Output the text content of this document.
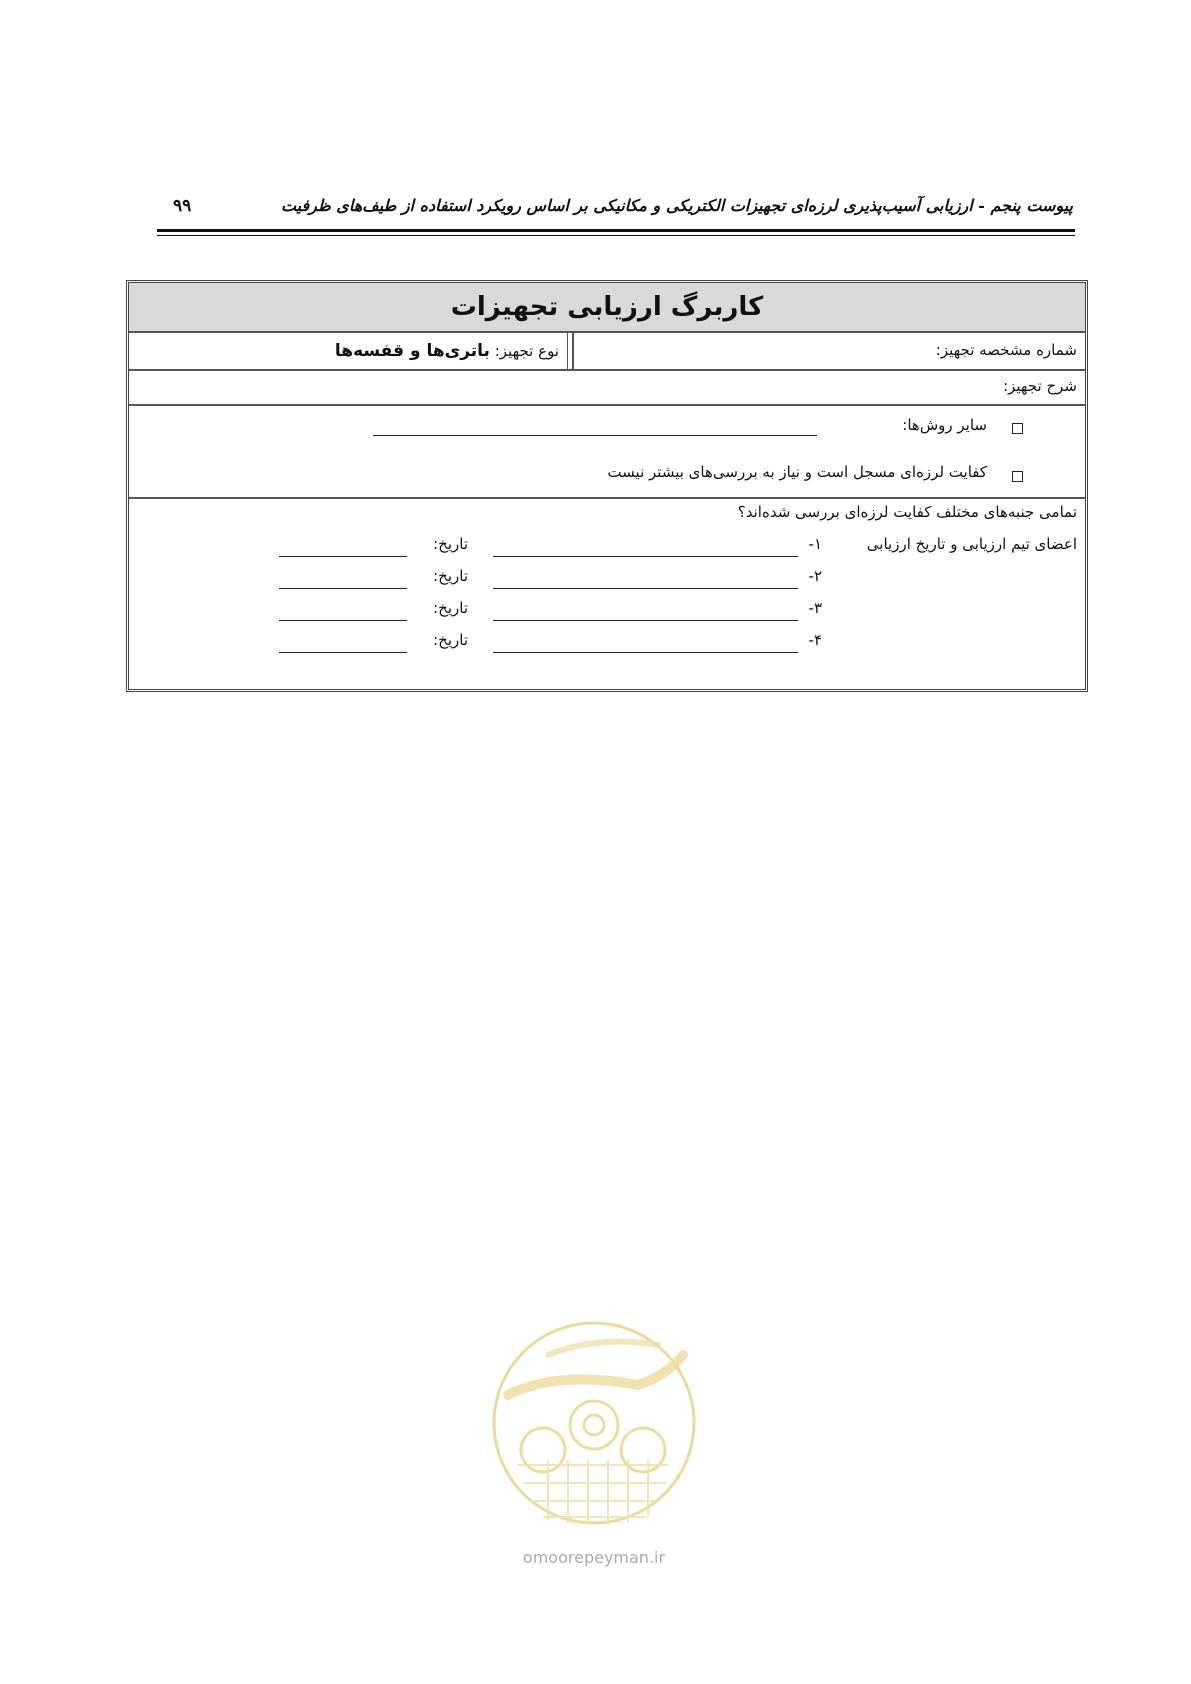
پیوست پنجم - ارزیابی آسیب‌پذیری لرزه‌ای تجهیزات الکتریکی و مکانیکی بر اساس رویکرد استفاده از طیف‌های ظرفیت
۹۹
کاربرگ ارزیابی تجهیزات
شماره مشخصه تجهیز:
نوع تجهیز: باتری‌ها و قفسه‌ها
شرح تجهیز:
سایر روش‌ها:
کفایت لرزه‌ای مسجل است و نیاز به بررسی‌های بیشتر نیست
تمامی جنبه‌های مختلف کفایت لرزه‌ای بررسی شده‌اند؟
اعضای تیم ارزیابی و تاریخ ارزیابی
۱-
تاریخ:
۲-
تاریخ:
۳-
تاریخ:
۴-
تاریخ:
omoorepeyman.ir
